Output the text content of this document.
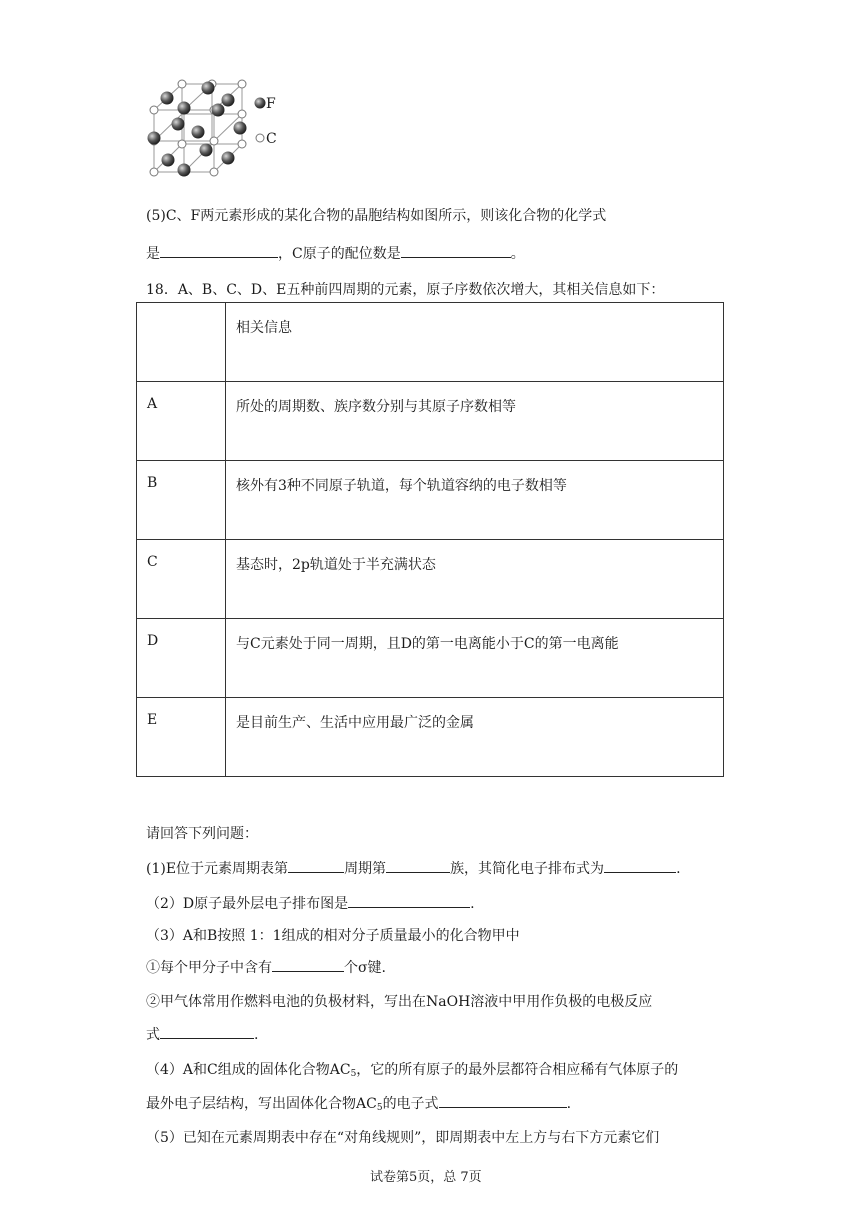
F
C
(5)C、F两元素形成的某化合物的晶胞结构如图所示，则该化合物的化学式
是	，C原子的配位数是	。
18．A、B、C、D、E五种前四周期的元素，原子序数依次增大，其相关信息如下：
	相关信息
A	所处的周期数、族序数分别与其原子序数相等
B	核外有3种不同原子轨道，每个轨道容纳的电子数相等
C	基态时，2p轨道处于半充满状态
D	与C元素处于同一周期，且D的第一电离能小于C的第一电离能
E	是目前生产、生活中应用最广泛的金属
请回答下列问题：
(1)E位于元素周期表第	周期第	族，其简化电子排布式为	.
（2）D原子最外层电子排布图是	.
（3）A和B按照 1：1组成的相对分子质量最小的化合物甲中
①每个甲分子中含有	个σ键.
②甲气体常用作燃料电池的负极材料，写出在NaOH溶液中甲用作负极的电极反应
式	.
（4）A和C组成的固体化合物$AC_5$，它的所有原子的最外层都符合相应稀有气体原子的
最外电子层结构，写出固体化合物$AC_5$的电子式	.
（5）已知在元素周期表中存在“对角线规则”，即周期表中左上方与右下方元素它们
试卷第5页，总 7页
